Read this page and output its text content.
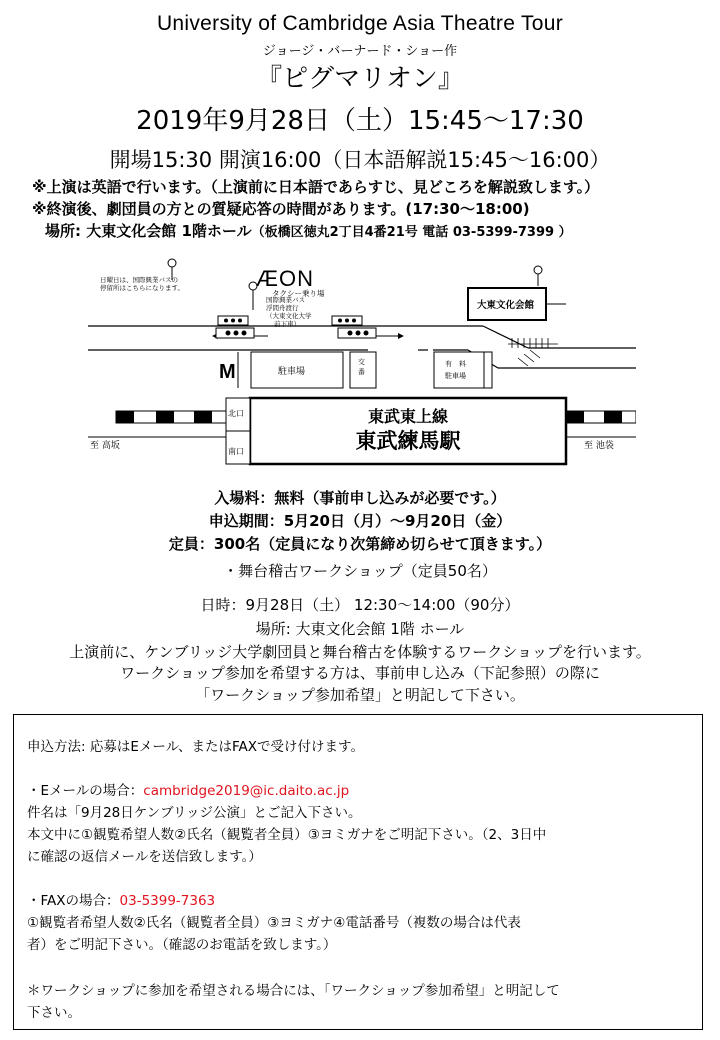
University of Cambridge Asia Theatre Tour
ジョージ・バーナード・ショー作
『ピグマリオン』
2019年9月28日（土）15:45～17:30
開場15:30 開演16:00（日本語解説15:45～16:00）
※上演は英語で行います。（上演前に日本語であらすじ、見どころを解説致します。）
※終演後、劇団員の方との質疑応答の時間があります。(17:30～18:00)
場所: 大東文化会館 1階ホール（板橋区徳丸2丁目4番21号 電話 03-5399-7399 ）
日曜日は、国際興業バスの
停留所はこちらになります。
国際興業バス
浮間舟渡行
（大東文化大学
前下車）
ÆON
タクシー乗り場
大東文化会館
駐車場
交
番
有　料
駐車場
M
至 高坂	至 池袋
北口
南口
東武東上線
東武練馬駅
入場料：無料（事前申し込みが必要です。）
申込期間：5月20日（月）～9月20日（金）
定員：300名（定員になり次第締め切らせて頂きます。）
・舞台稽古ワークショップ（定員50名）
日時：9月28日（土） 12:30～14:00（90分）
場所: 大東文化会館 1階 ホール
上演前に、ケンブリッジ大学劇団員と舞台稽古を体験するワークショップを行います。
ワークショップ参加を希望する方は、事前申し込み（下記参照）の際に
「ワークショップ参加希望」と明記して下さい。
申込方法: 応募はEメール、またはFAXで受け付けます。
・Eメールの場合：cambridge2019@ic.daito.ac.jp
件名は「9月28日ケンブリッジ公演」とご記入下さい。
本文中に①観覧希望人数②氏名（観覧者全員）③ヨミガナをご明記下さい。（2、3日中
に確認の返信メールを送信致します。）
・FAXの場合：03-5399-7363
①観覧者希望人数②氏名（観覧者全員）③ヨミガナ④電話番号（複数の場合は代表
者）をご明記下さい。（確認のお電話を致します。）
＊ワークショップに参加を希望される場合には、「ワークショップ参加希望」と明記して
下さい。
